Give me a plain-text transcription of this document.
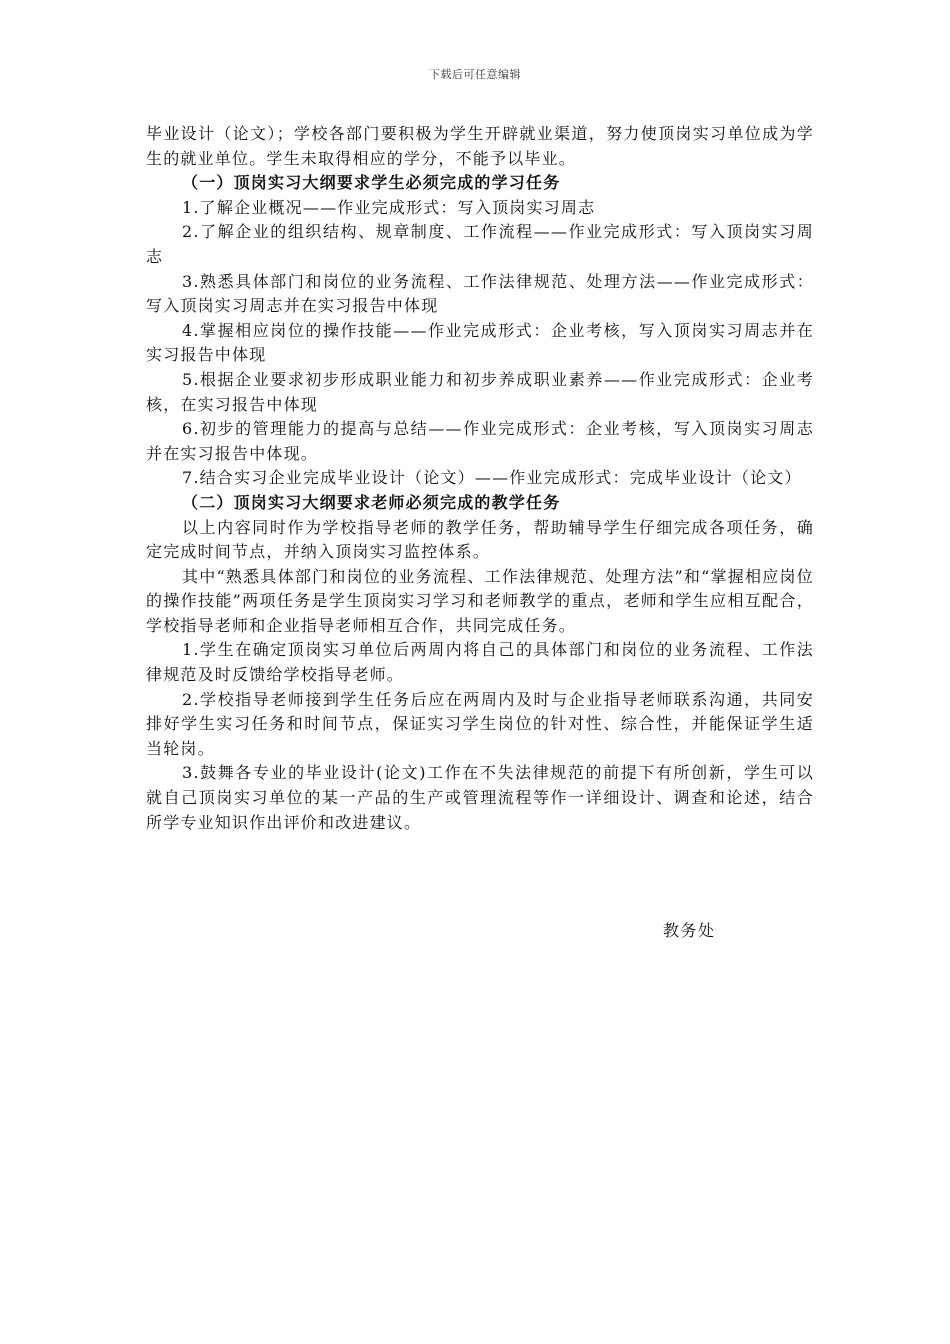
下载后可任意编辑

毕业设计（论文）；学校各部门要积极为学生开辟就业渠道，努力使顶岗实习单位成为学生的就业单位。学生未取得相应的学分，不能予以毕业。

（一）顶岗实习大纲要求学生必须完成的学习任务

1.了解企业概况——作业完成形式：写入顶岗实习周志

2.了解企业的组织结构、规章制度、工作流程——作业完成形式：写入顶岗实习周志

3.熟悉具体部门和岗位的业务流程、工作法律规范、处理方法——作业完成形式：写入顶岗实习周志并在实习报告中体现

4.掌握相应岗位的操作技能——作业完成形式：企业考核，写入顶岗实习周志并在实习报告中体现

5.根据企业要求初步形成职业能力和初步养成职业素养——作业完成形式：企业考核，在实习报告中体现

6.初步的管理能力的提高与总结——作业完成形式：企业考核，写入顶岗实习周志并在实习报告中体现。

7.结合实习企业完成毕业设计（论文）——作业完成形式：完成毕业设计（论文）

（二）顶岗实习大纲要求老师必须完成的教学任务

以上内容同时作为学校指导老师的教学任务，帮助辅导学生仔细完成各项任务，确定完成时间节点，并纳入顶岗实习监控体系。

其中“熟悉具体部门和岗位的业务流程、工作法律规范、处理方法”和“掌握相应岗位的操作技能”两项任务是学生顶岗实习学习和老师教学的重点，老师和学生应相互配合，学校指导老师和企业指导老师相互合作，共同完成任务。

1.学生在确定顶岗实习单位后两周内将自己的具体部门和岗位的业务流程、工作法律规范及时反馈给学校指导老师。

2.学校指导老师接到学生任务后应在两周内及时与企业指导老师联系沟通，共同安排好学生实习任务和时间节点，保证实习学生岗位的针对性、综合性，并能保证学生适当轮岗。

3.鼓舞各专业的毕业设计(论文)工作在不失法律规范的前提下有所创新，学生可以就自己顶岗实习单位的某一产品的生产或管理流程等作一详细设计、调查和论述，结合所学专业知识作出评价和改进建议。

教务处
